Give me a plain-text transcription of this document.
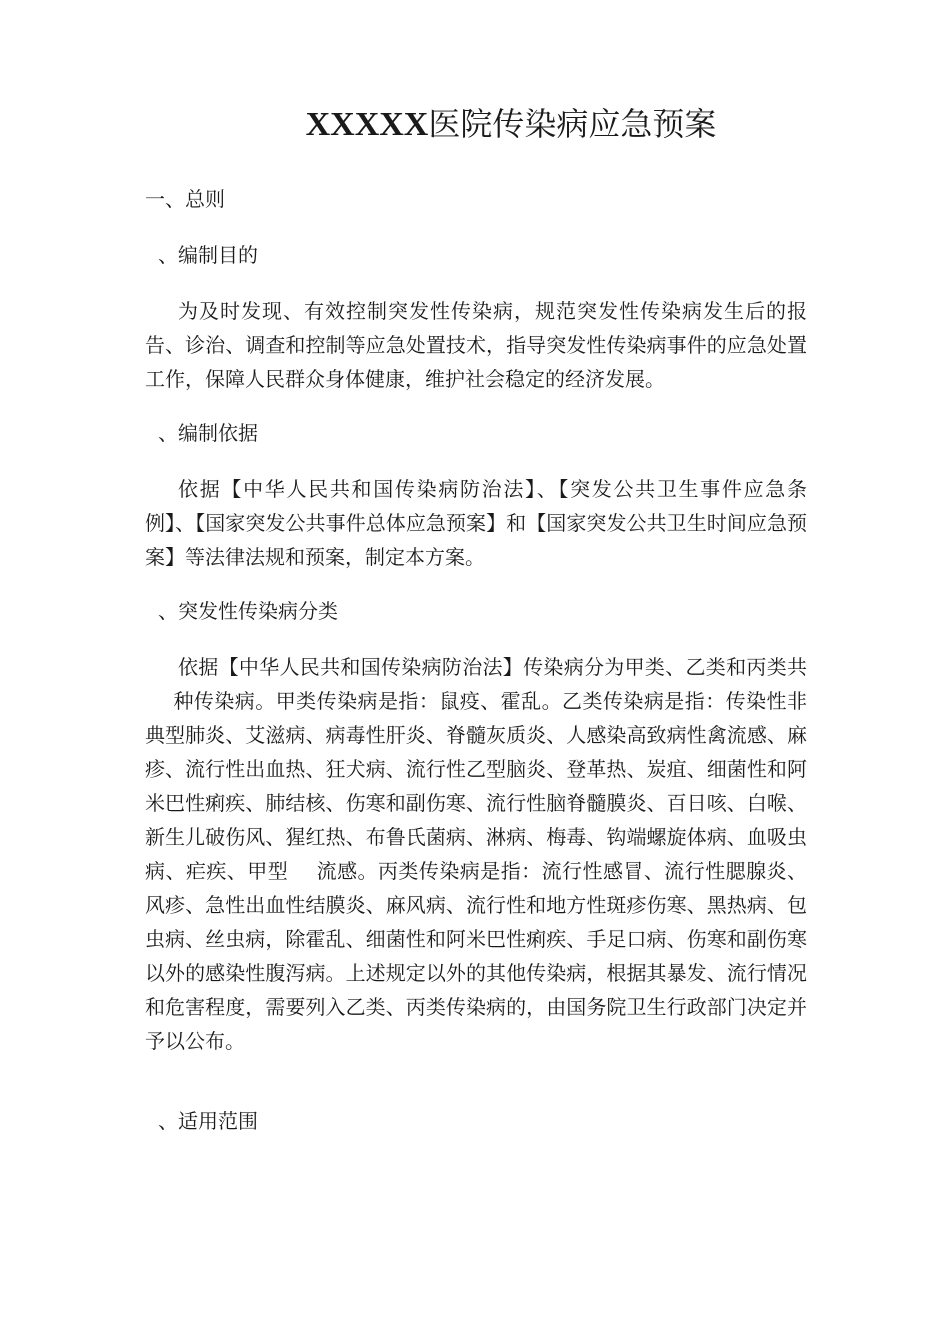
XXXXX医院传染病应急预案
一、总则
、编制目的
为及时发现、有效控制突发性传染病，规范突发性传染病发生后的报告、诊治、调查和控制等应急处置技术，指导突发性传染病事件的应急处置工作，保障人民群众身体健康，维护社会稳定的经济发展。
、编制依据
依据【中华人民共和国传染病防治法】、【突发公共卫生事件应急条例】、【国家突发公共事件总体应急预案】和【国家突发公共卫生时间应急预案】等法律法规和预案，制定本方案。
、突发性传染病分类
依据【中华人民共和国传染病防治法】传染病分为甲类、乙类和丙类共种传染病。甲类传染病是指：鼠疫、霍乱。乙类传染病是指：传染性非典型肺炎、艾滋病、病毒性肝炎、脊髓灰质炎、人感染高致病性禽流感、麻疹、流行性出血热、狂犬病、流行性乙型脑炎、登革热、炭疽、细菌性和阿米巴性痢疾、肺结核、伤寒和副伤寒、流行性脑脊髓膜炎、百日咳、白喉、新生儿破伤风、猩红热、布鲁氏菌病、淋病、梅毒、钩端螺旋体病、血吸虫病、疟疾、甲型 流感。丙类传染病是指：流行性感冒、流行性腮腺炎、风疹、急性出血性结膜炎、麻风病、流行性和地方性斑疹伤寒、黑热病、包虫病、丝虫病，除霍乱、细菌性和阿米巴性痢疾、手足口病、伤寒和副伤寒以外的感染性腹泻病。上述规定以外的其他传染病，根据其暴发、流行情况和危害程度，需要列入乙类、丙类传染病的，由国务院卫生行政部门决定并予以公布。
、适用范围
